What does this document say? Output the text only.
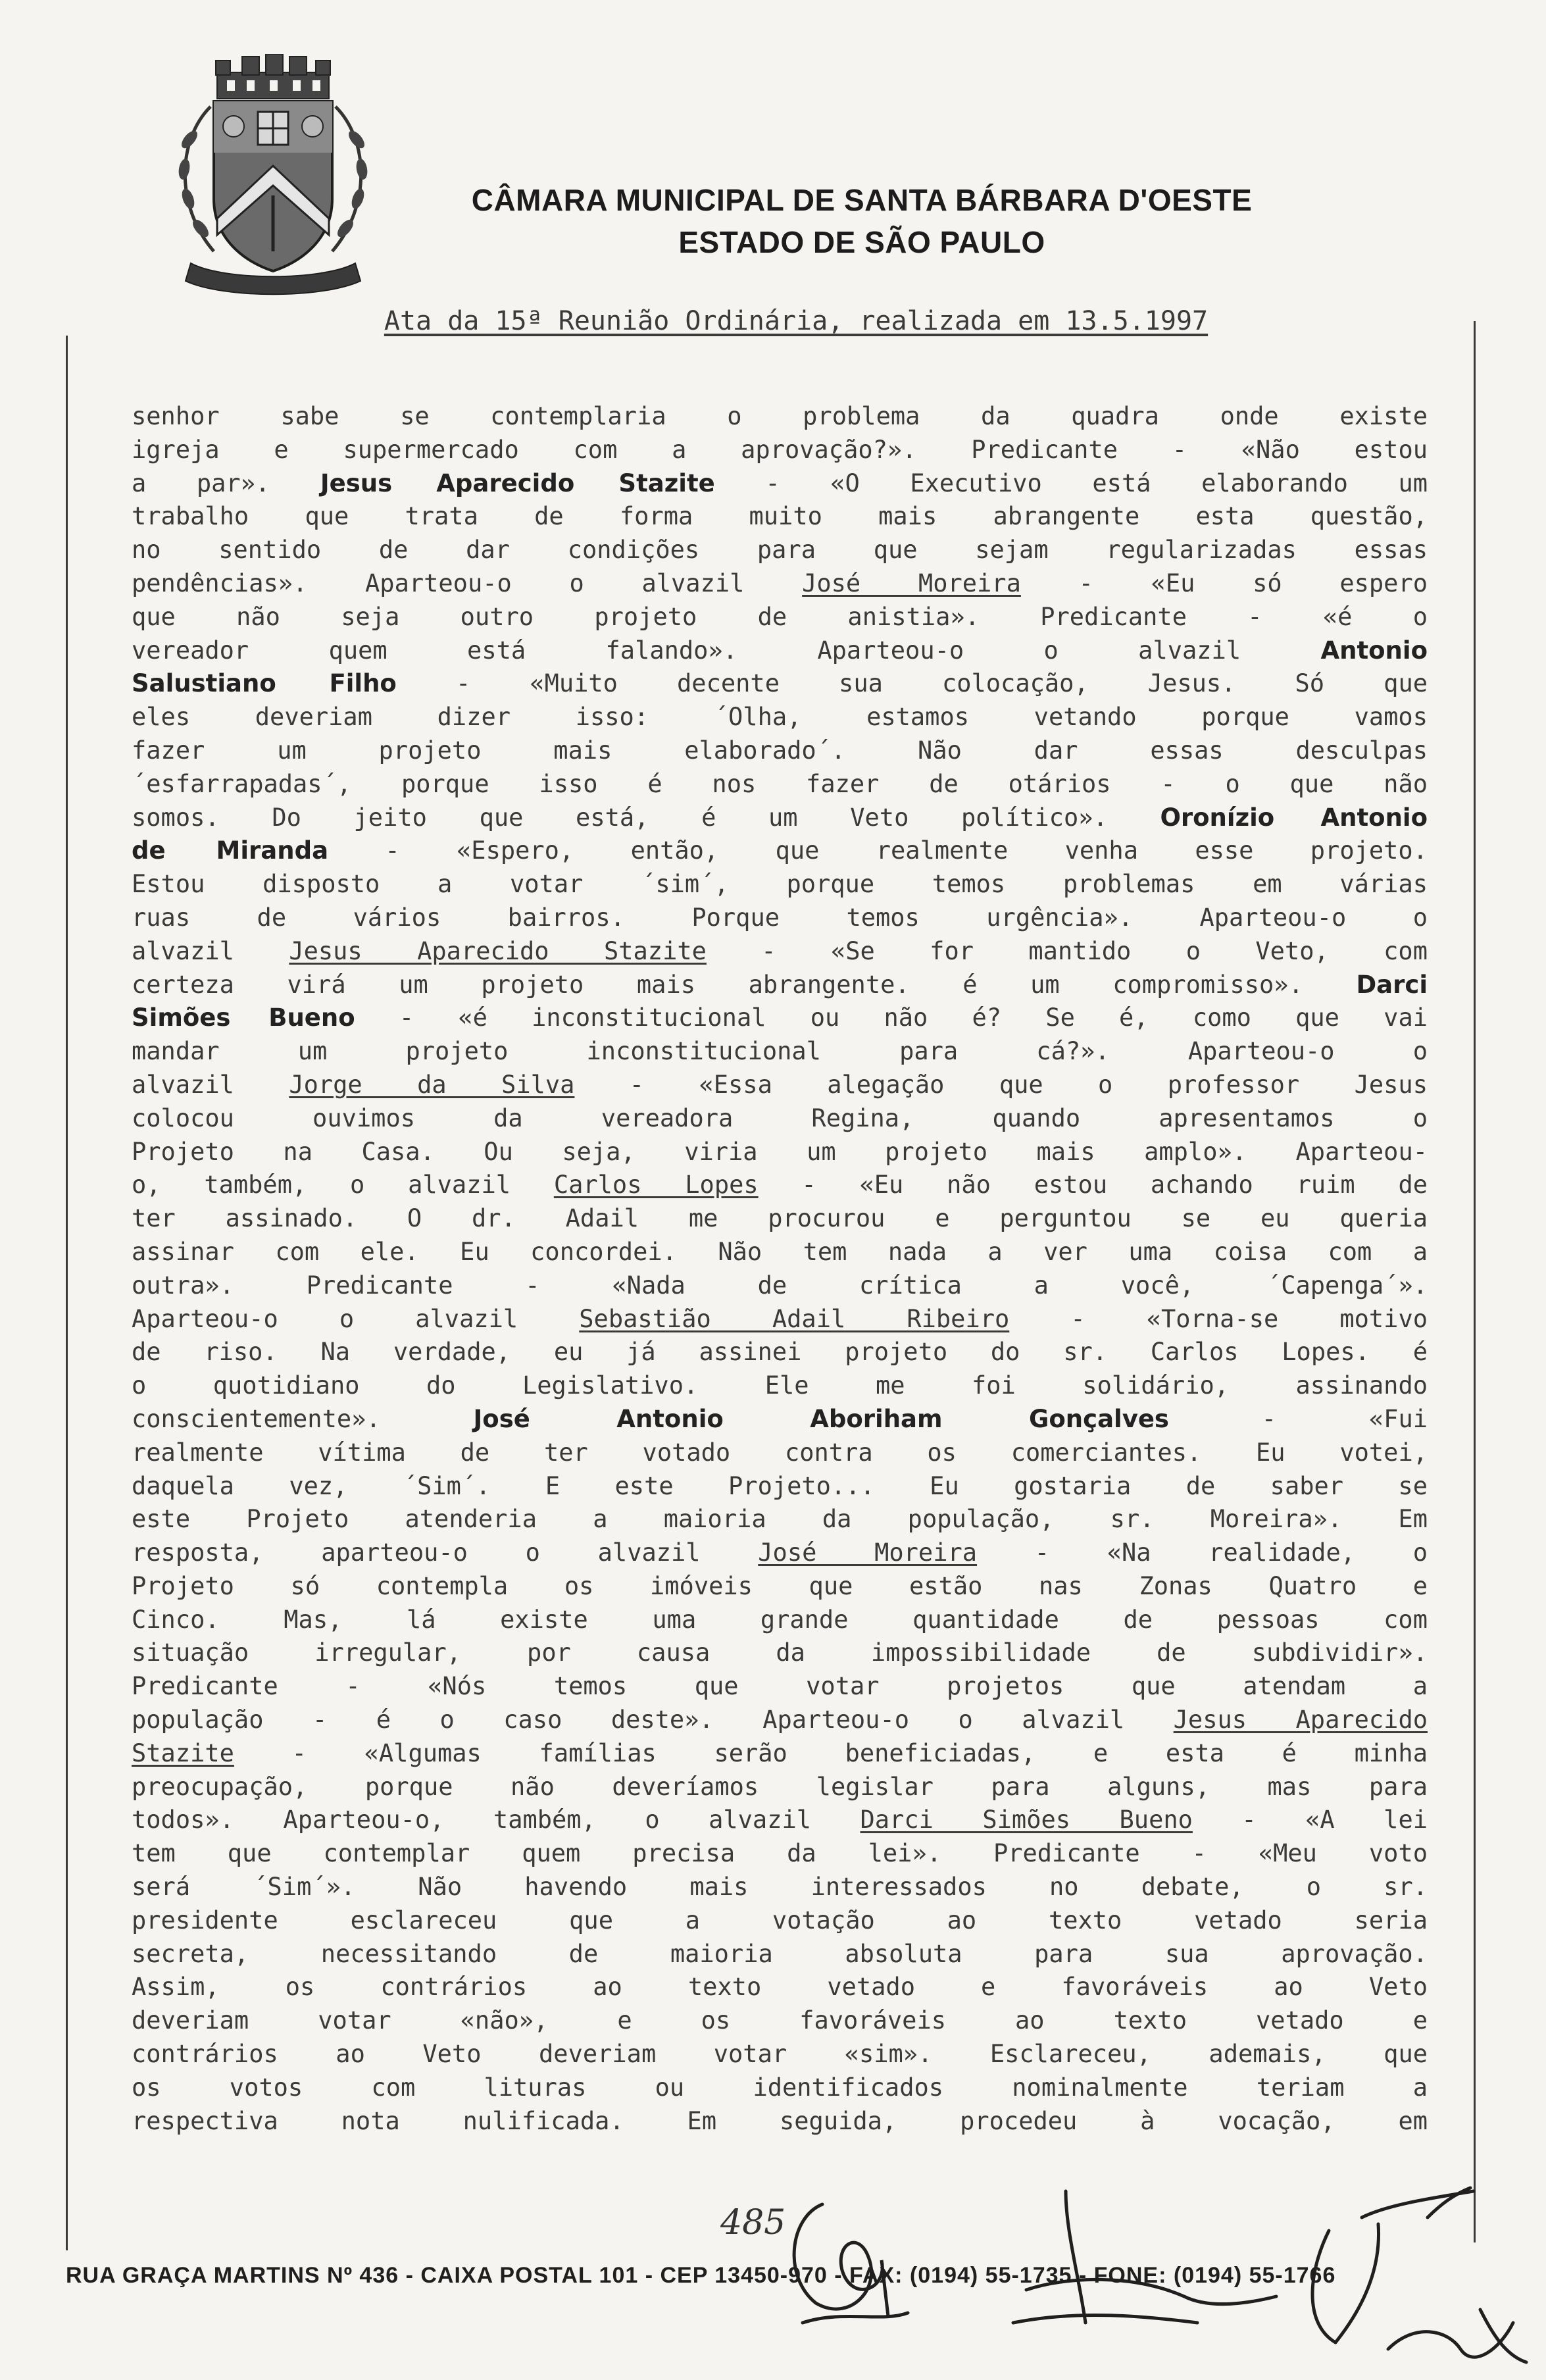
CÂMARA MUNICIPAL DE SANTA BÁRBARA D'OESTE
ESTADO DE SÃO PAULO
Ata da 15ª Reunião Ordinária, realizada em 13.5.1997
senhor sabe se contemplaria o problema da quadra onde existe
igreja e supermercado com a aprovação?». Predicante - «Não estou
a par». Jesus Aparecido Stazite - «O Executivo está elaborando um
trabalho que trata de forma muito mais abrangente esta questão,
no sentido de dar condições para que sejam regularizadas essas
pendências». Aparteou-o o alvazil José Moreira - «Eu só espero
que não seja outro projeto de anistia». Predicante - «é o
vereador quem está falando». Aparteou-o o alvazil Antonio
Salustiano Filho - «Muito decente sua colocação, Jesus. Só que
eles deveriam dizer isso: ´Olha, estamos vetando porque vamos
fazer um projeto mais elaborado´. Não dar essas desculpas
´esfarrapadas´, porque isso é nos fazer de otários - o que não
somos. Do jeito que está, é um Veto político». Oronízio Antonio
de Miranda - «Espero, então, que realmente venha esse projeto.
Estou disposto a votar ´sim´, porque temos problemas em várias
ruas de vários bairros. Porque temos urgência». Aparteou-o o
alvazil Jesus Aparecido Stazite - «Se for mantido o Veto, com
certeza virá um projeto mais abrangente. é um compromisso». Darci
Simões Bueno - «é inconstitucional ou não é? Se é, como que vai
mandar um projeto inconstitucional para cá?». Aparteou-o o
alvazil Jorge da Silva - «Essa alegação que o professor Jesus
colocou ouvimos da vereadora Regina, quando apresentamos o
Projeto na Casa. Ou seja, viria um projeto mais amplo». Aparteou-
o, também, o alvazil Carlos Lopes - «Eu não estou achando ruim de
ter assinado. O dr. Adail me procurou e perguntou se eu queria
assinar com ele. Eu concordei. Não tem nada a ver uma coisa com a
outra». Predicante - «Nada de crítica a você, ´Capenga´».
Aparteou-o o alvazil Sebastião Adail Ribeiro - «Torna-se motivo
de riso. Na verdade, eu já assinei projeto do sr. Carlos Lopes. é
o quotidiano do Legislativo. Ele me foi solidário, assinando
conscientemente». José Antonio Aboriham Gonçalves - «Fui
realmente vítima de ter votado contra os comerciantes. Eu votei,
daquela vez, ´Sim´. E este Projeto... Eu gostaria de saber se
este Projeto atenderia a maioria da população, sr. Moreira». Em
resposta, aparteou-o o alvazil José Moreira - «Na realidade, o
Projeto só contempla os imóveis que estão nas Zonas Quatro e
Cinco. Mas, lá existe uma grande quantidade de pessoas com
situação irregular, por causa da impossibilidade de subdividir».
Predicante - «Nós temos que votar projetos que atendam a
população - é o caso deste». Aparteou-o o alvazil Jesus Aparecido
Stazite - «Algumas famílias serão beneficiadas, e esta é minha
preocupação, porque não deveríamos legislar para alguns, mas para
todos». Aparteou-o, também, o alvazil Darci Simões Bueno - «A lei
tem que contemplar quem precisa da lei». Predicante - «Meu voto
será ´Sim´». Não havendo mais interessados no debate, o sr.
presidente esclareceu que a votação ao texto vetado seria
secreta, necessitando de maioria absoluta para sua aprovação.
Assim, os contrários ao texto vetado e favoráveis ao Veto
deveriam votar «não», e os favoráveis ao texto vetado e
contrários ao Veto deveriam votar «sim». Esclareceu, ademais, que
os votos com lituras ou identificados nominalmente teriam a
respectiva nota nulificada. Em seguida, procedeu à vocação, em
485
RUA GRAÇA MARTINS Nº 436 - CAIXA POSTAL 101 - CEP 13450-970 - FAX: (0194) 55-1735 - FONE: (0194) 55-1766
